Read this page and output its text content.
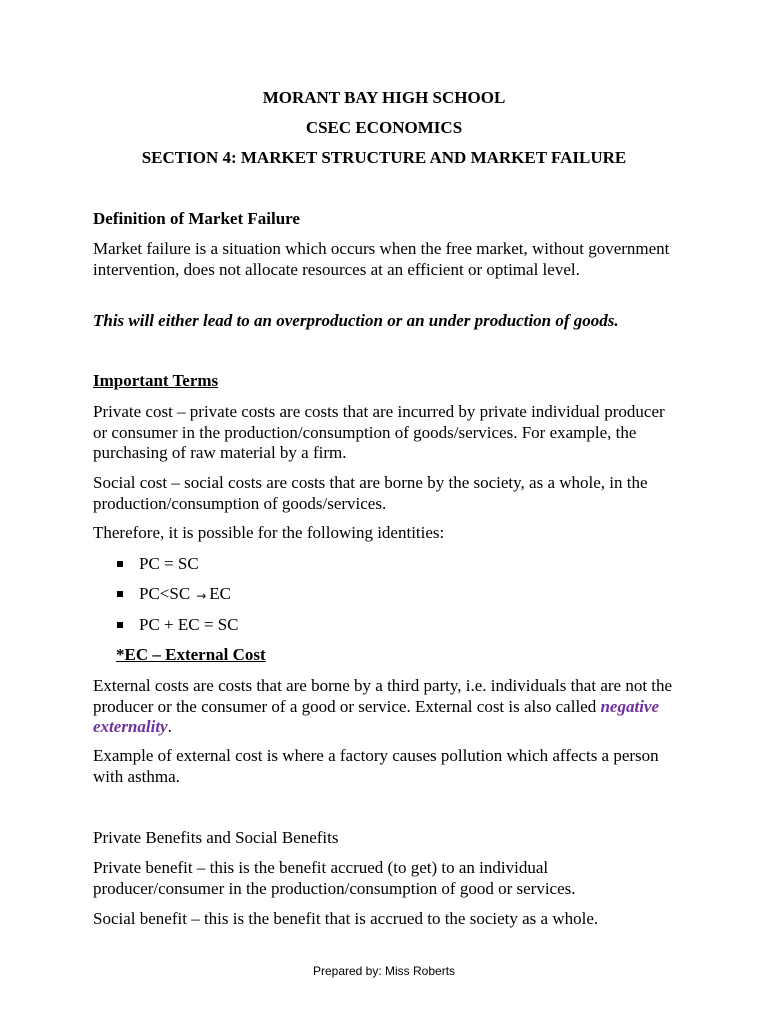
MORANT BAY HIGH SCHOOL
CSEC ECONOMICS
SECTION 4: MARKET STRUCTURE AND MARKET FAILURE
Definition of Market Failure
Market failure is a situation which occurs when the free market, without government intervention, does not allocate resources at an efficient or optimal level.
This will either lead to an overproduction or an under production of goods.
Important Terms
Private cost – private costs are costs that are incurred by private individual producer or consumer in the production/consumption of goods/services. For example, the purchasing of raw material by a firm.
Social cost – social costs are costs that are borne by the society, as a whole, in the production/consumption of goods/services.
Therefore, it is possible for the following identities:
PC = SC
PC<SC → EC
PC + EC = SC
*EC – External Cost
External costs are costs that are borne by a third party, i.e. individuals that are not the producer or the consumer of a good or service. External cost is also called negative externality.
Example of external cost is where a factory causes pollution which affects a person with asthma.
Private Benefits and Social Benefits
Private benefit – this is the benefit accrued (to get) to an individual producer/consumer in the production/consumption of good or services.
Social benefit – this is the benefit that is accrued to the society as a whole.
Prepared by: Miss Roberts
